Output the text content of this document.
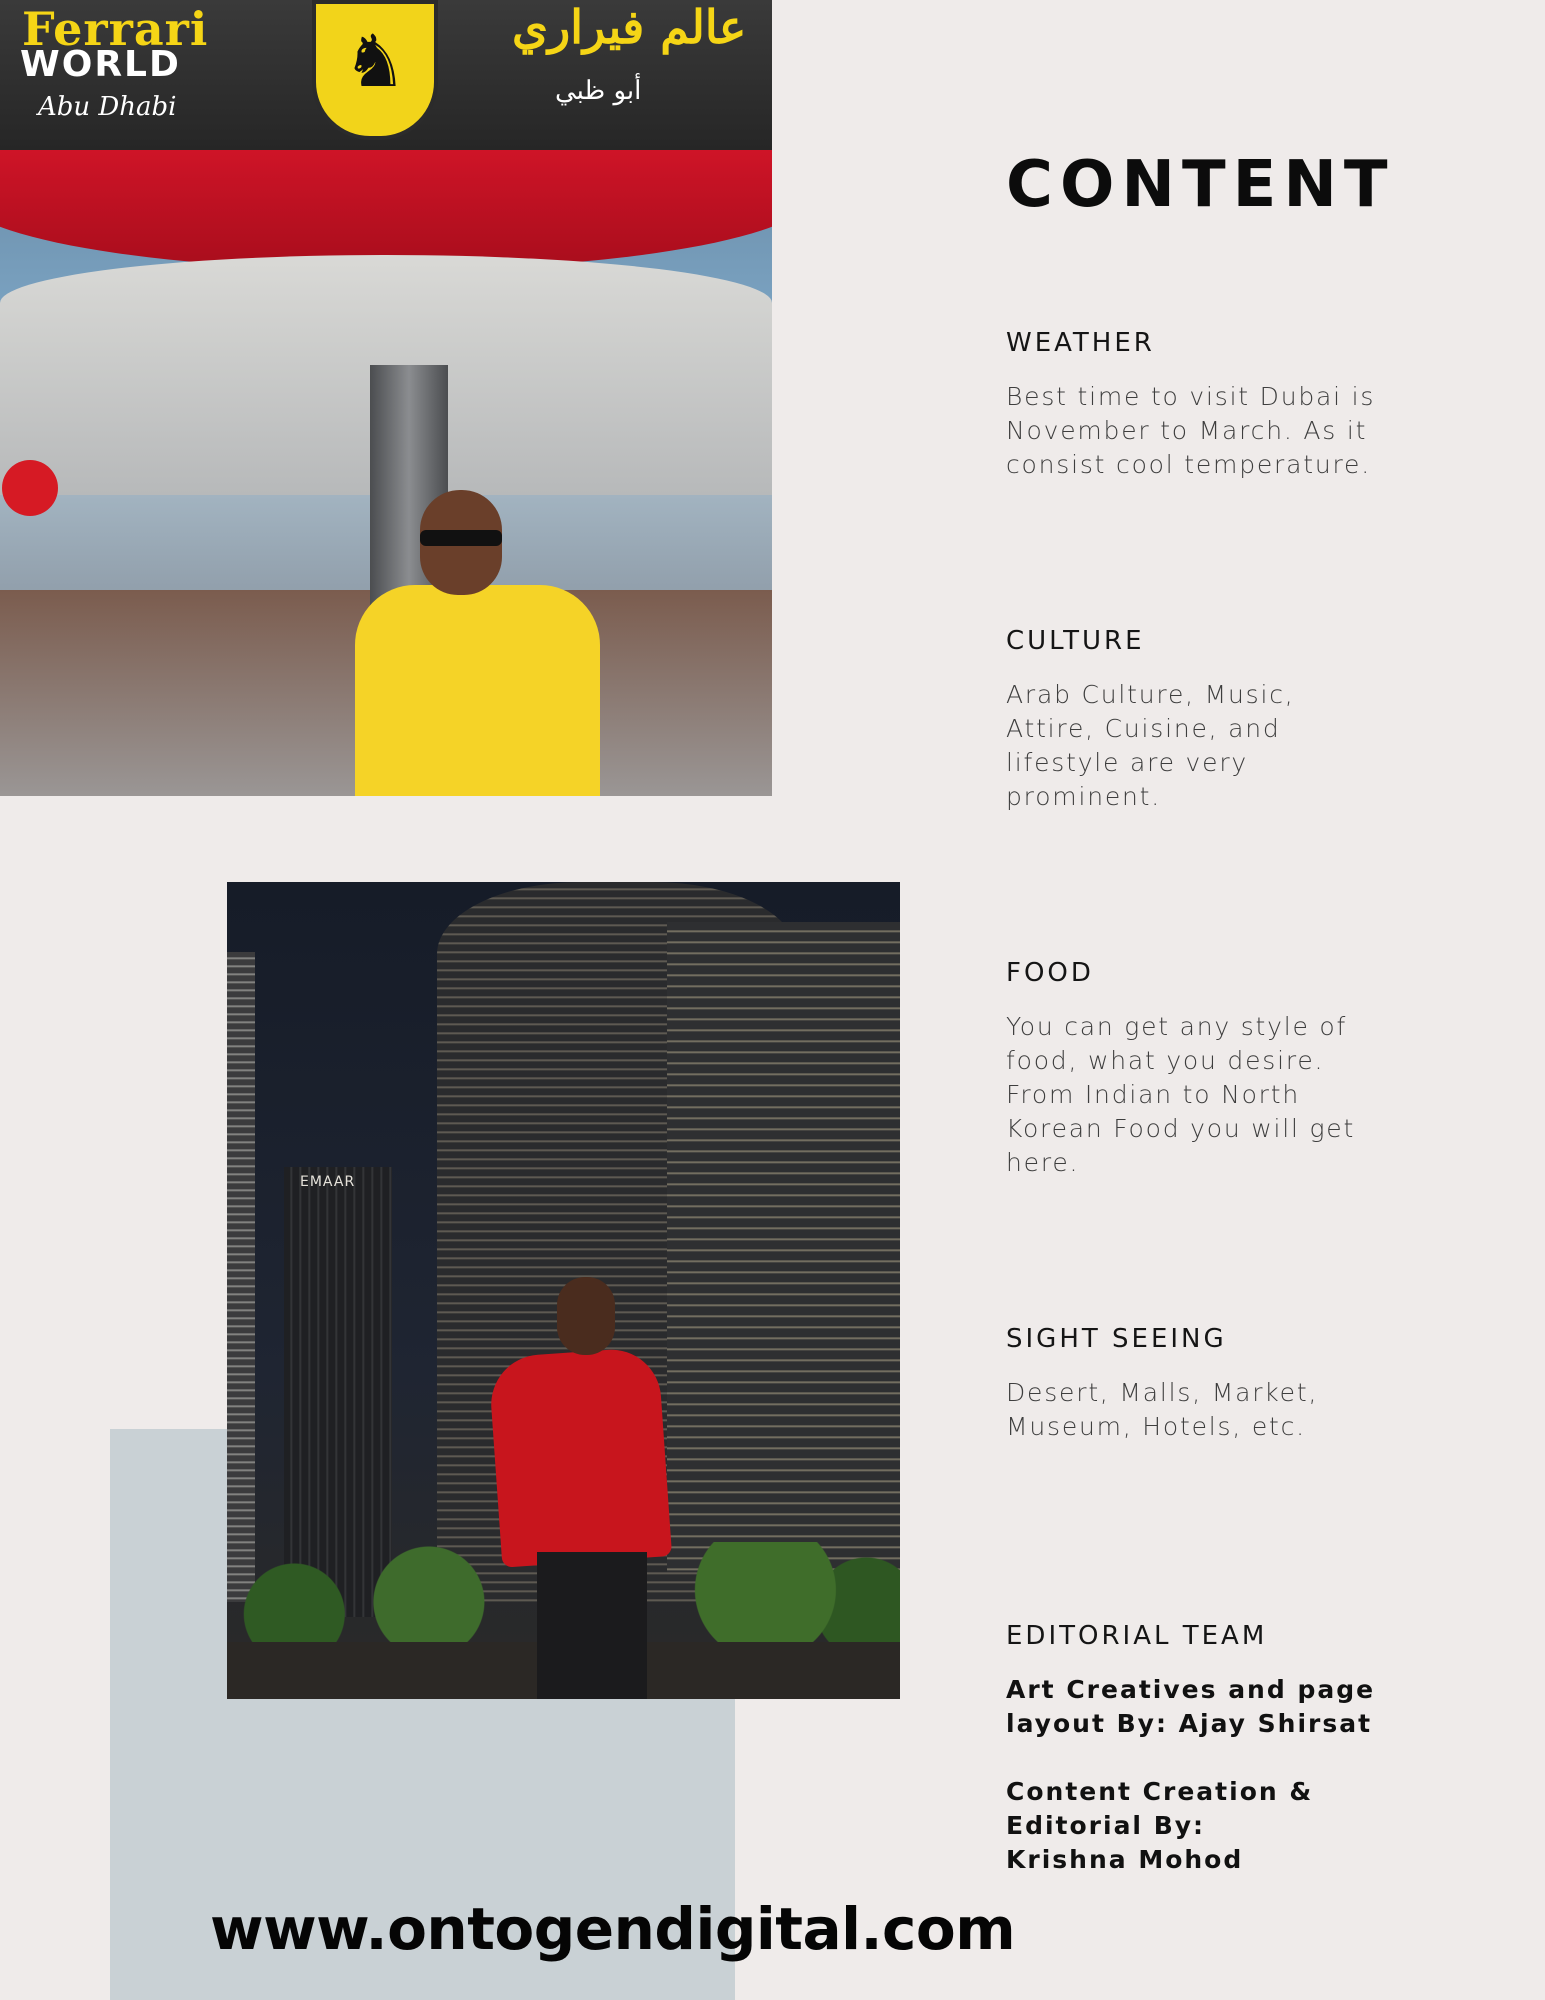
Ferrari
WORLD
Abu Dhabi
عالم فيراري
أبو ظبي
♞
EMAAR
CONTENT
WEATHER

Best time to visit Dubai is November to March. As it consist cool temperature.

CULTURE

Arab Culture, Music, Attire, Cuisine, and lifestyle are very prominent.

FOOD

You can get any style of food, what you desire. From Indian to North Korean Food you will get here.

SIGHT SEEING

Desert, Malls, Market, Museum, Hotels, etc.

EDITORIAL TEAM

Art Creatives and page layout By: Ajay Shirsat

Content Creation & Editorial By: Krishna Mohod

www.ontogendigital.com
